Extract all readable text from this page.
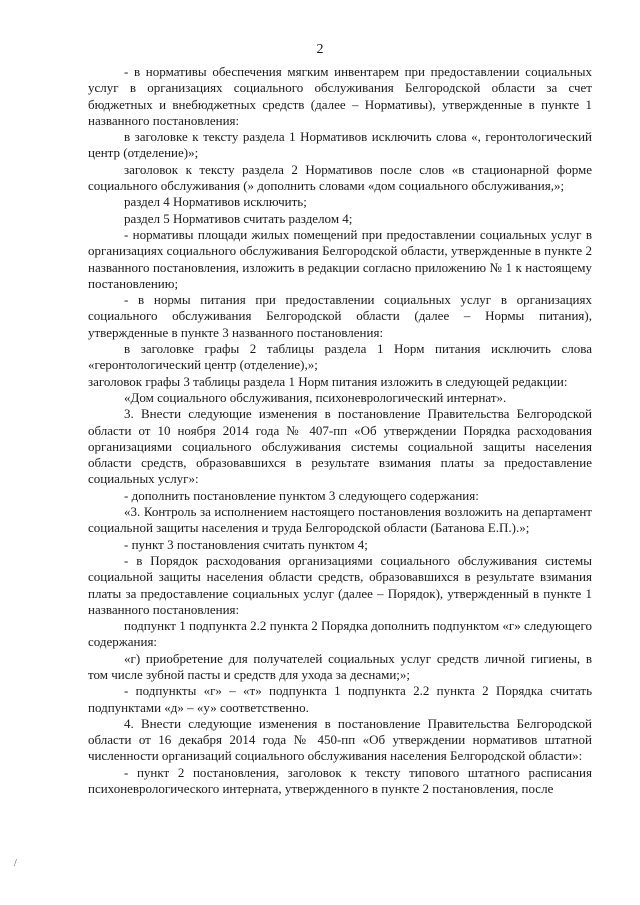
2

- в нормативы обеспечения мягким инвентарем при предоставлении социальных услуг в организациях социального обслуживания Белгородской области за счет бюджетных и внебюджетных средств (далее – Нормативы), утвержденные в пункте 1 названного постановления:

в заголовке к тексту раздела 1 Нормативов исключить слова «, геронтологический центр (отделение)»;

заголовок к тексту раздела 2 Нормативов после слов «в стационарной форме социального обслуживания (» дополнить словами «дом социального обслуживания,»;

раздел 4 Нормативов исключить;

раздел 5 Нормативов считать разделом 4;

- нормативы площади жилых помещений при предоставлении социальных услуг в организациях социального обслуживания Белгородской области, утвержденные в пункте 2 названного постановления, изложить в редакции согласно приложению № 1 к настоящему постановлению;

- в нормы питания при предоставлении социальных услуг в организациях социального обслуживания Белгородской области (далее – Нормы питания), утвержденные в пункте 3 названного постановления:

в заголовке графы 2 таблицы раздела 1 Норм питания исключить слова «геронтологический центр (отделение),»;

заголовок графы 3 таблицы раздела 1 Норм питания изложить в следующей редакции:

«Дом социального обслуживания, психоневрологический интернат».

3. Внести следующие изменения в постановление Правительства Белгородской области от 10 ноября 2014 года № 407-пп «Об утверждении Порядка расходования организациями социального обслуживания системы социальной защиты населения области средств, образовавшихся в результате взимания платы за предоставление социальных услуг»:

- дополнить постановление пунктом 3 следующего содержания:

«3. Контроль за исполнением настоящего постановления возложить на департамент социальной защиты населения и труда Белгородской области (Батанова Е.П.).»;

- пункт 3 постановления считать пунктом 4;

- в Порядок расходования организациями социального обслуживания системы социальной защиты населения области средств, образовавшихся в результате взимания платы за предоставление социальных услуг (далее – Порядок), утвержденный в пункте 1 названного постановления:

подпункт 1 подпункта 2.2 пункта 2 Порядка дополнить подпунктом «г» следующего содержания:

«г) приобретение для получателей социальных услуг средств личной гигиены, в том числе зубной пасты и средств для ухода за деснами;»;

- подпункты «г» – «т» подпункта 1 подпункта 2.2 пункта 2 Порядка считать подпунктами «д» – «у» соответственно.

4. Внести следующие изменения в постановление Правительства Белгородской области от 16 декабря 2014 года № 450-пп «Об утверждении нормативов штатной численности организаций социального обслуживания населения Белгородской области»:

- пункт 2 постановления, заголовок к тексту типового штатного расписания психоневрологического интерната, утвержденного в пункте 2 постановления, после

/
